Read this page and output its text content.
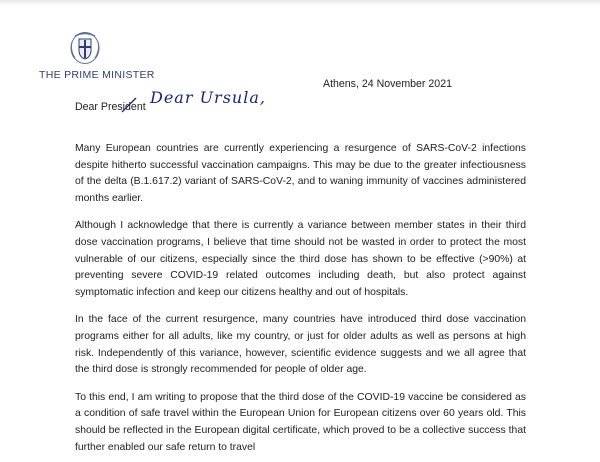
THE PRIME MINISTER
Athens, 24 November 2021
Dear President Dear Ursula,

Many European countries are currently experiencing a resurgence of SARS-CoV-2 infections despite hitherto successful vaccination campaigns. This may be due to the greater infectiousness of the delta (B.1.617.2) variant of SARS-CoV-2, and to waning immunity of vaccines administered months earlier.

Although I acknowledge that there is currently a variance between member states in their third dose vaccination programs, I believe that time should not be wasted in order to protect the most vulnerable of our citizens, especially since the third dose has shown to be effective (>90%) at preventing severe COVID-19 related outcomes including death, but also protect against symptomatic infection and keep our citizens healthy and out of hospitals.

In the face of the current resurgence, many countries have introduced third dose vaccination programs either for all adults, like my country, or just for older adults as well as persons at high risk. Independently of this variance, however, scientific evidence suggests and we all agree that the third dose is strongly recommended for people of older age.

To this end, I am writing to propose that the third dose of the COVID-19 vaccine be considered as a condition of safe travel within the European Union for European citizens over 60 years old. This should be reflected in the European digital certificate, which proved to be a collective success that further enabled our safe return to travel
